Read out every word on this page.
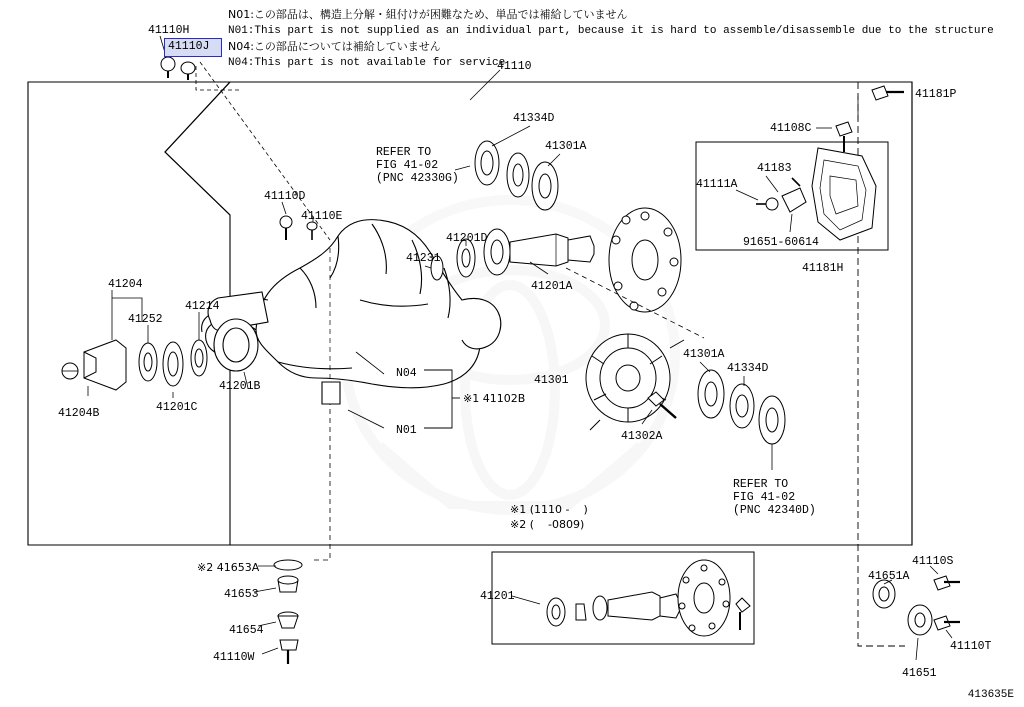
N01:この部品は、構造上分解・組付けが困難なため、単品では補給していません
N01:This part is not supplied as an individual part, because it is hard to assemble/disassemble due to the structure
N04:この部品については補給していません
N04:This part is not available for service
41110J
REFER TO
FIG 41-02
(PNC 42330G)
REFER TO
FIG 41-02
(PNC 42340D)
※1 (1110 -    )
※2 (    -0809)
41110H
41110
41181P
41334D
41108C
41301A
41183
41111A
41110D
41110E
91651-60614
41201D
41231
41181H
41201A
41204
41252
41214
41301A
41334D
41301
41201B
N04
※1 41102B
41201C
41204B
N01	41302A
※2 41653A
41653
41654
41110W
41201
41110S
41651A
41110T
41651
413635E
